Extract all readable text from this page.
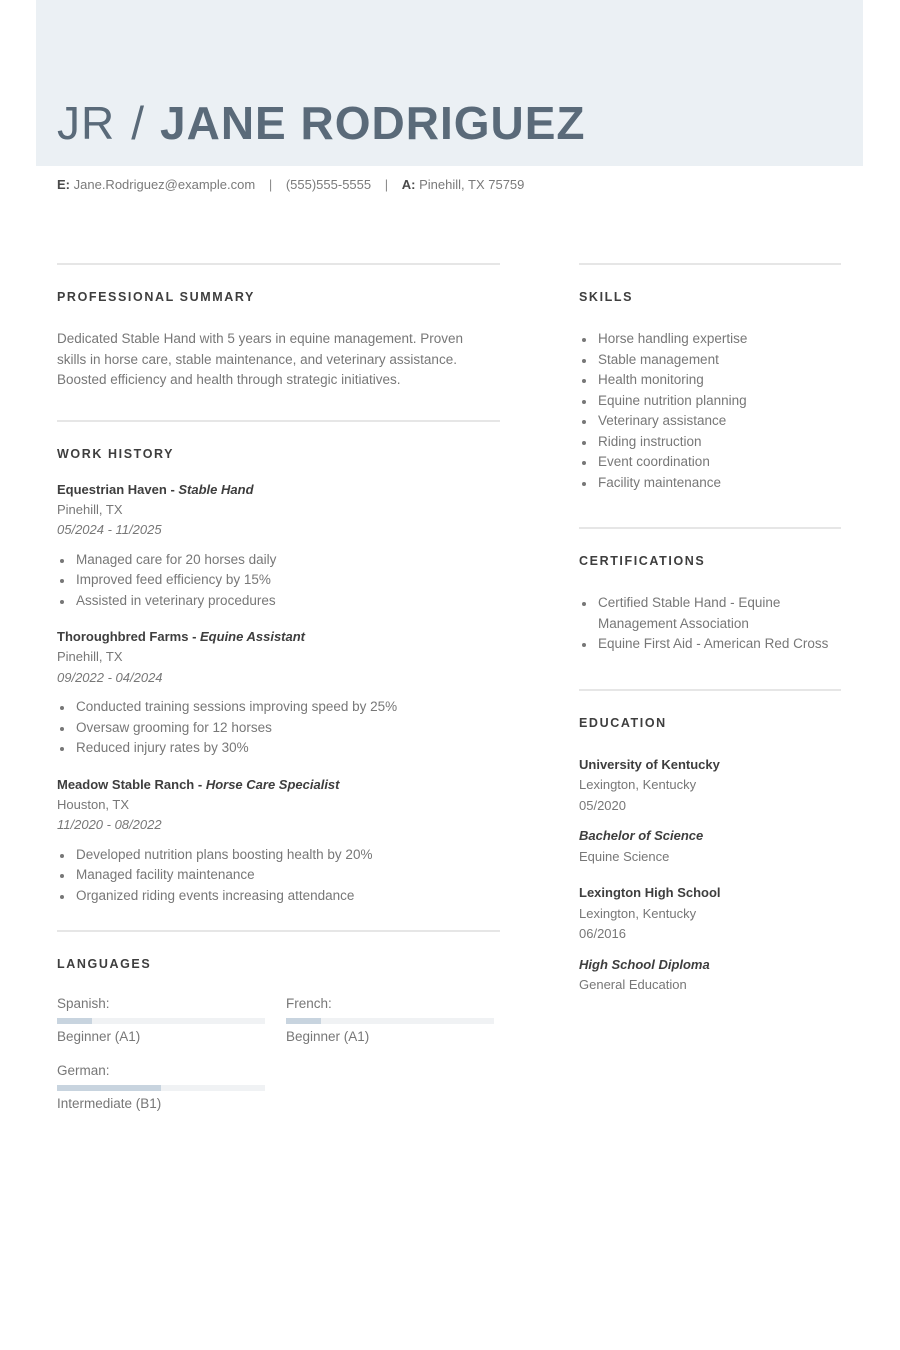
JR / JANE RODRIGUEZ
E: Jane.Rodriguez@example.com | (555)555-5555 | A: Pinehill, TX 75759
PROFESSIONAL SUMMARY

Dedicated Stable Hand with 5 years in equine management. Proven
skills in horse care, stable maintenance, and veterinary assistance.
Boosted efficiency and health through strategic initiatives.

WORK HISTORY
Equestrian Haven - Stable Hand
Pinehill, TX
05/2024 - 11/2025
Managed care for 20 horses daily
Improved feed efficiency by 15%
Assisted in veterinary procedures
Thoroughbred Farms - Equine Assistant
Pinehill, TX
09/2022 - 04/2024
Conducted training sessions improving speed by 25%
Oversaw grooming for 12 horses
Reduced injury rates by 30%
Meadow Stable Ranch - Horse Care Specialist
Houston, TX
11/2020 - 08/2022
Developed nutrition plans boosting health by 20%
Managed facility maintenance
Organized riding events increasing attendance
LANGUAGES
Spanish:
Beginner (A1)
French:
Beginner (A1)
German:
Intermediate (B1)
SKILLS
Horse handling expertise
Stable management
Health monitoring
Equine nutrition planning
Veterinary assistance
Riding instruction
Event coordination
Facility maintenance
CERTIFICATIONS
Certified Stable Hand - Equine Management Association
Equine First Aid - American Red Cross
EDUCATION
University of Kentucky
Lexington, Kentucky
05/2020
Bachelor of Science
Equine Science
Lexington High School
Lexington, Kentucky
06/2016
High School Diploma
General Education
